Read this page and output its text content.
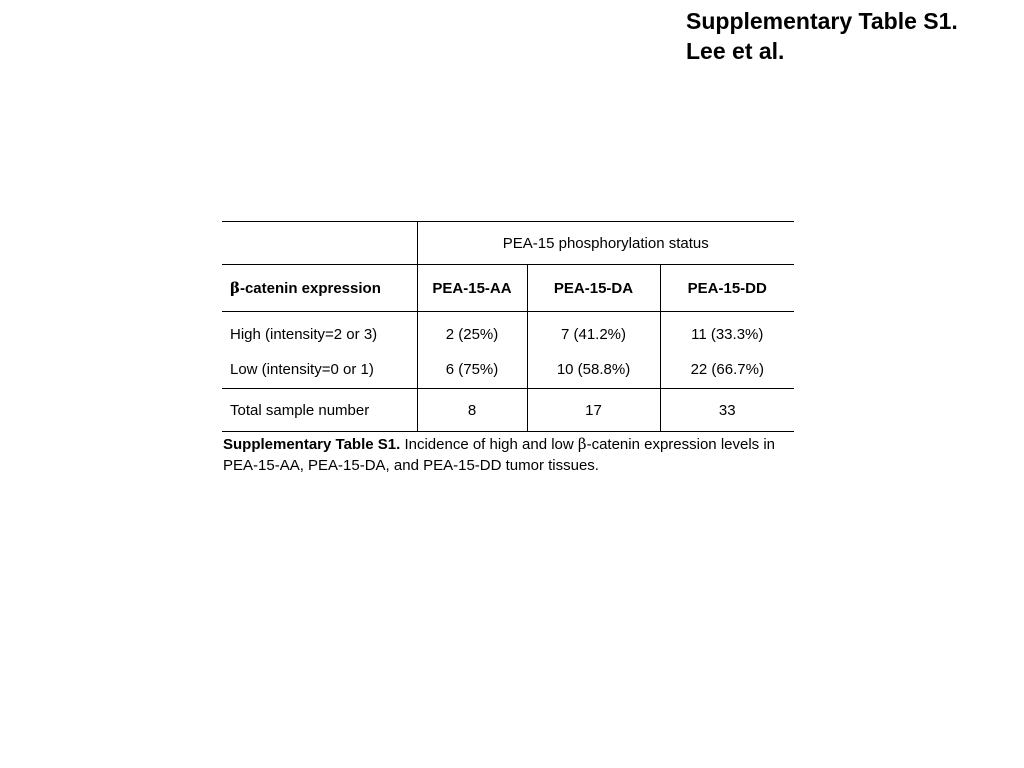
Supplementary Table S1.
Lee et al.
	PEA-15 phosphorylation status		
β-catenin expression	PEA-15-AA	PEA-15-DA	PEA-15-DD
High (intensity=2 or 3)	2 (25%)	7 (41.2%)	11 (33.3%)
Low (intensity=0 or 1)	6 (75%)	10 (58.8%)	22 (66.7%)
Total sample number	8	17	33
Supplementary Table S1. Incidence of high and low β-catenin expression levels in PEA-15-AA, PEA-15-DA, and PEA-15-DD tumor tissues.
